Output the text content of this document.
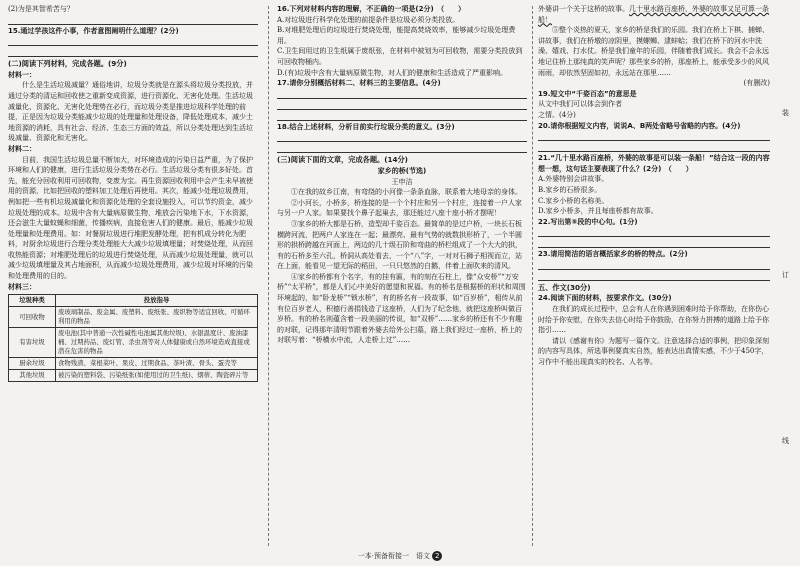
(2)为是其智希苦与？

15.通过学孩这件小事，作者意图阐明什么道理？(2分)

(二)阅读下列材料，完成各题。(9分)

材料一：

什么是生活垃圾减量？通俗地讲，垃圾分类就是在源头将垃圾分类投放，并通过分类的清运和回收使之重新变成资源，进行资源化、无害化处理。生活垃圾减量化、资源化、无害化处理势在必行，而垃圾分类是推进垃圾科学处理的前提，正是因为垃圾分类能减少垃圾的处理量和处理设备，降低处理成本，减少土地资源的消耗，具有社会、经济、生态三方面的效益，所以分类处理达到生活垃圾减量、资源化和无害化。

材料二：

目前，我国生活垃圾总量不断加大，对环境造成的污染日益严重，为了保护环境和人们的健康，进行生活垃圾分类势在必行。生活垃圾分类有很多好处。首先，能充分回收利用可回收物，变废为宝。再生资源回收利用中会产生未早被使用的资源，比如把回收的塑料加工处理后再使用。其次，能减少处理垃圾费用，例如把一些有机垃圾减量化和资源化处理的全套设施投入，可以节约资金，减少垃圾处理的成本。垃圾中含有大量病原微生物，堆放会污染地下水，下水资源，还会滋生大量蚊蝇和细菌，传播疾病，直接危害人们的健康。最后，能减少垃圾处理量和处理费用。如：对餐厨垃圾进行堆肥发酵处理，把有机成分转化为肥料，对厨余垃圾进行合理分类处理能大大减少垃圾填埋量；对焚烧处理，从而回收热能资源；对堆肥处理后的垃圾进行焚烧处理，从而减少垃圾处理量，就可以减少垃圾填埋量及其占地面积，从而减少垃圾处理费用，减少垃圾对环境的污染和处理费用的目的。

材料三：

垃圾种类	投放指导
可回收物	废玻璃制品、废金属、废塑料、废纸张、废织物等适宜回收、可循环利用的物品
有害垃圾	废电池(其中普通一次性碱性电池属其他垃圾)、水银温度计、废油漆桶、过期药品、废灯管、杀虫剂等对人体健康或自然环境造成直接或潜在危害的物品
厨余垃圾	食物残渣、菜根菜叶、果皮、过期食品、茶叶渣、骨头、蛋壳等
其他垃圾	被污染的塑料袋、污染纸张(如使用过的卫生纸)、烟蒂、陶瓷碎片等

16.下列对材料内容的理解，不正确的一项是(2分)　（　　）

A.对垃圾进行科学化处理的前提条件是垃圾必须分类投放。

B.对堆肥处理后的垃圾进行焚烧处理，能提高焚烧效率，能够减少垃圾处理费用。

C.卫生间用过的卫生纸属于废纸张，在材料中被划为可回收物，需要分类投放到可回收物桶内。

D.(有)垃圾中含有大量病原微生物，对人们的健康和生活造成了严重影响。

17.请你分别概括材料二、材料三的主要信息。(4分)

18.结合上述材料，分析目前实行垃圾分类的意义。(3分)

(三)阅读下面的文章，完成各题。(14分)

家乡的桥(节选)

王申洁

①在我的故乡江南，有弯绕的小河像一条条血脉，联系着大地母亲的身体。

②小河长，小桥多，桥连接的是一个个村庄和另一个村庄，连接着一户人家与另一户人家。如果要找个鼻子起巢去，那还能过八座十座小桥才摆呢！

③家乡的桥大都是石桥，造型却千姿百态。最简单的是过户桥，一块长石板横跨河流，把两户人家连在一起；最漂亮、最有气势的就数拱形桥了，一个半圆形的拱桥跨越在河面上，两边的几十级石阶和弯曲的桥栏组成了一个大大的拱，有的石桥多至六孔，桥洞从高处看去，一个“八”字，一对对石狮子相视而立，站在上面，能看见一望无际的稻田，一只只悠然的白鹅，伴着上面吹来的清风。

④家乡的桥都有个名字，有的挂有匾，有的刻在石柱上，像“众安桥”“万安桥”“太平桥”，都是人们心中美好的愿望和祝福。有的桥名是根据桥的形状和周围环境起的，如“卧龙桥”“锁水桥”，有的桥名有一段故事，如“百岁桥”，相传从前有位百岁老人，积德行善捐钱造了这座桥，人们为了纪念他，就把这座桥叫做百岁桥。有的桥名则蕴含着一段美丽的传说，如“双桥”……家乡的桥还有不少有趣的对联，记得那年清明节跟着外婆去给外公扫墓，路上我们经过一座桥，桥上的对联写着：“桥横水中流，人走桥上过”……

外婆讲一个关于这桥的故事。几十里水路百座桥，外婆的故事又足可算一条船！

⑤整个炎热的夏天，家乡的桥是我们的乐园。我们在桥上下棋、捕蝉、讲故事，我们在桥墩的凉阴里，摸螺蛳、逮蚌蛤；我们在桥下的河水中洗澡、嬉戏、打水仗。桥是我们童年的乐园，伴随着我们成长。我会不会永远地记住桥上那纯真的笑声呢？那些家乡的桥，那座桥上，能承受多少的风风雨雨，却依然坚固如初，永远站在那里……

(有删改)

19.短文中“千姿百态”的意思是

从文中我们可以体会到作者

之情。(4分)

20.请你根据短文内容，说说A、B两处省略号省略的内容。(4分)

21.“几十里水路百座桥，外婆的故事是可以装一条船！”结合这一段的内容想一想，这句话主要表现了什么？(2分)　（　　）

A.外婆特别会讲故事。

B.家乡的石桥很多。

C.家乡小桥的名称美。

D.家乡小桥多，并且每座桥都有故事。

22.写出第⑤段的中心句。(1分)

23.请用简洁的语言概括家乡的桥的特点。(2分)

五、作文(30分)

24.阅读下面的材料，按要求作文。(30分)

在我们的成长过程中，总会有人在你遇到困难时给予你帮助，在你伤心时给予你安慰，在你失去信心时给予你鼓励，在你努力拼搏的道路上给予你指引……

请以《感谢有你》为题写一篇作文。注意选择合适的事例，把印象深刻的内容写具体，所选事例要真实自然，能表达出真情实感，不少于450字，习作中不能出现真实的校名、人名等。

装
订
线
一本·预备衔接一　语文 2
